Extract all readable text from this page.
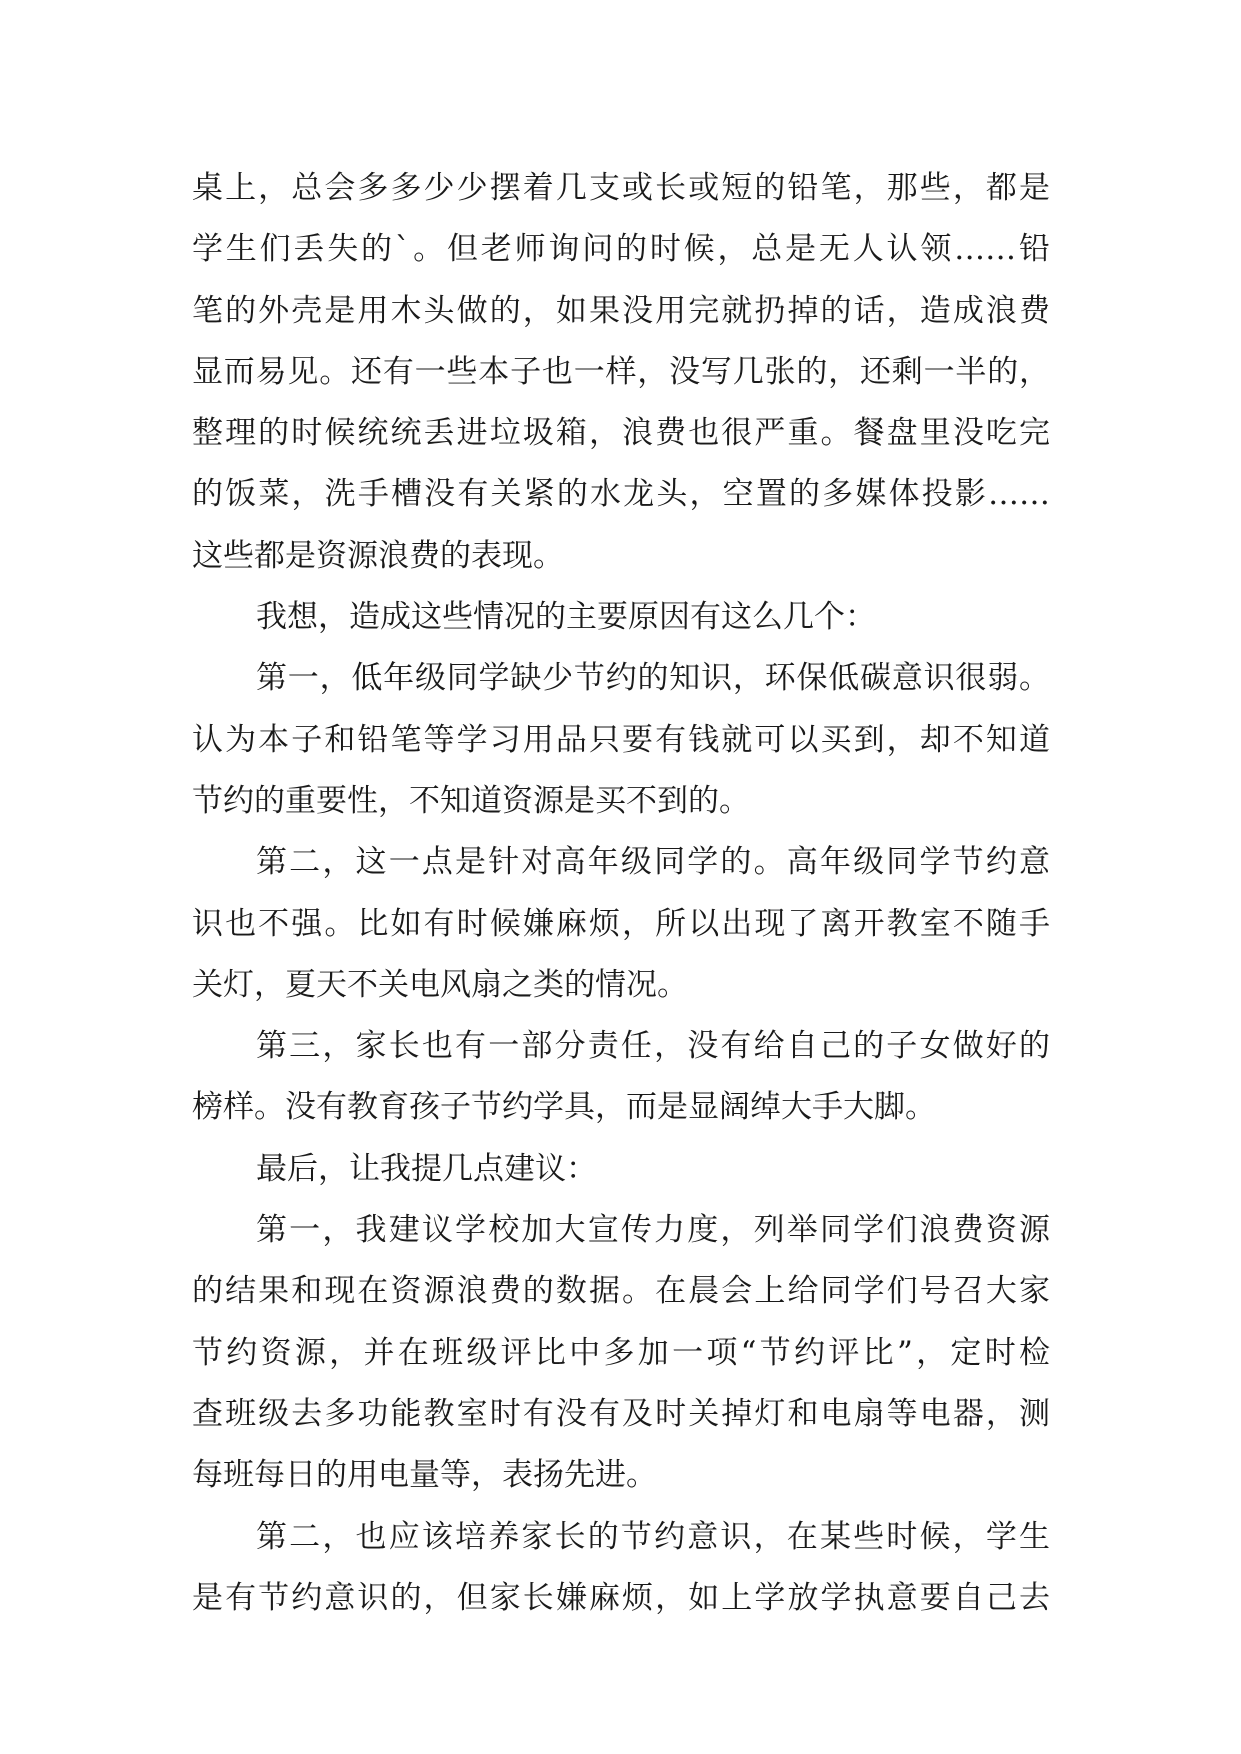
桌上，总会多多少少摆着几支或长或短的铅笔，那些，都是
学生们丢失的`。但老师询问的时候，总是无人认领……铅
笔的外壳是用木头做的，如果没用完就扔掉的话，造成浪费
显而易见。还有一些本子也一样，没写几张的，还剩一半的，
整理的时候统统丢进垃圾箱，浪费也很严重。餐盘里没吃完
的饭菜，洗手槽没有关紧的水龙头，空置的多媒体投影……
这些都是资源浪费的表现。
我想，造成这些情况的主要原因有这么几个：
第一，低年级同学缺少节约的知识，环保低碳意识很弱。
认为本子和铅笔等学习用品只要有钱就可以买到，却不知道
节约的重要性，不知道资源是买不到的。
第二，这一点是针对高年级同学的。高年级同学节约意
识也不强。比如有时候嫌麻烦，所以出现了离开教室不随手
关灯，夏天不关电风扇之类的情况。
第三，家长也有一部分责任，没有给自己的子女做好的
榜样。没有教育孩子节约学具，而是显阔绰大手大脚。
最后，让我提几点建议：
第一，我建议学校加大宣传力度，列举同学们浪费资源
的结果和现在资源浪费的数据。在晨会上给同学们号召大家
节约资源，并在班级评比中多加一项“节约评比”，定时检
查班级去多功能教室时有没有及时关掉灯和电扇等电器，测
每班每日的用电量等，表扬先进。
第二，也应该培养家长的节约意识，在某些时候，学生
是有节约意识的，但家长嫌麻烦，如上学放学执意要自己去
